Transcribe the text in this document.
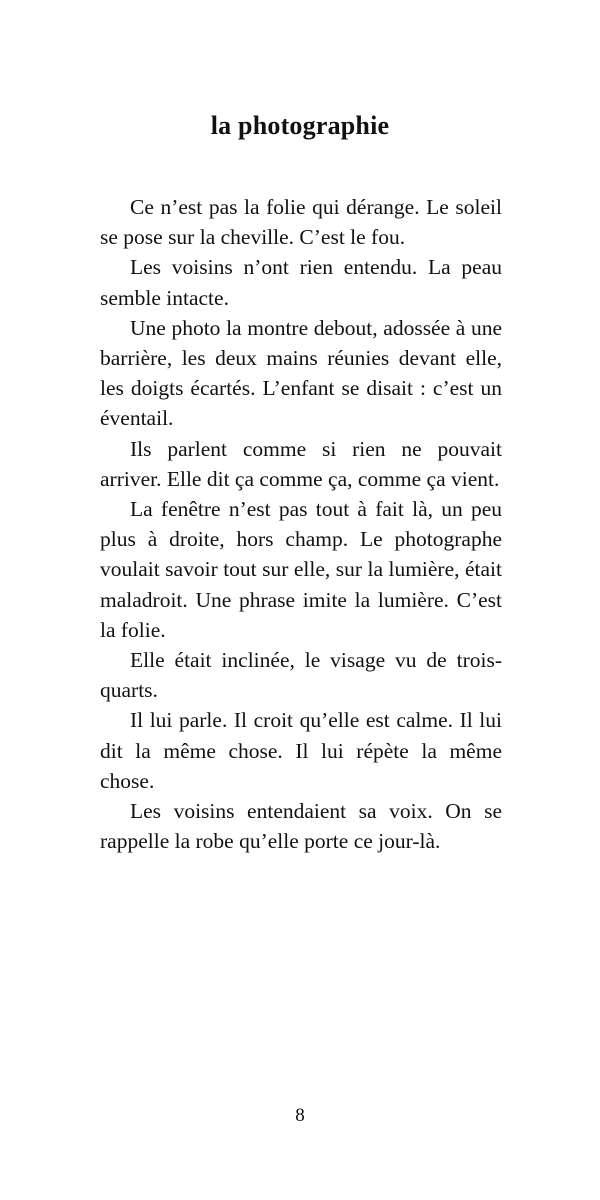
la photographie

Ce n’est pas la folie qui dérange. Le soleil se pose sur la cheville. C’est le fou.

Les voisins n’ont rien entendu. La peau semble intacte.

Une photo la montre debout, adossée à une barrière, les deux mains réunies devant elle, les doigts écartés. L’enfant se disait : c’est un éventail.

Ils parlent comme si rien ne pouvait arriver. Elle dit ça comme ça, comme ça vient.

La fenêtre n’est pas tout à fait là, un peu plus à droite, hors champ. Le photographe voulait savoir tout sur elle, sur la lumière, était maladroit. Une phrase imite la lumière. C’est la folie.

Elle était inclinée, le visage vu de trois-quarts.

Il lui parle. Il croit qu’elle est calme. Il lui dit la même chose. Il lui répète la même chose.

Les voisins entendaient sa voix. On se rappelle la robe qu’elle porte ce jour-là.

8
